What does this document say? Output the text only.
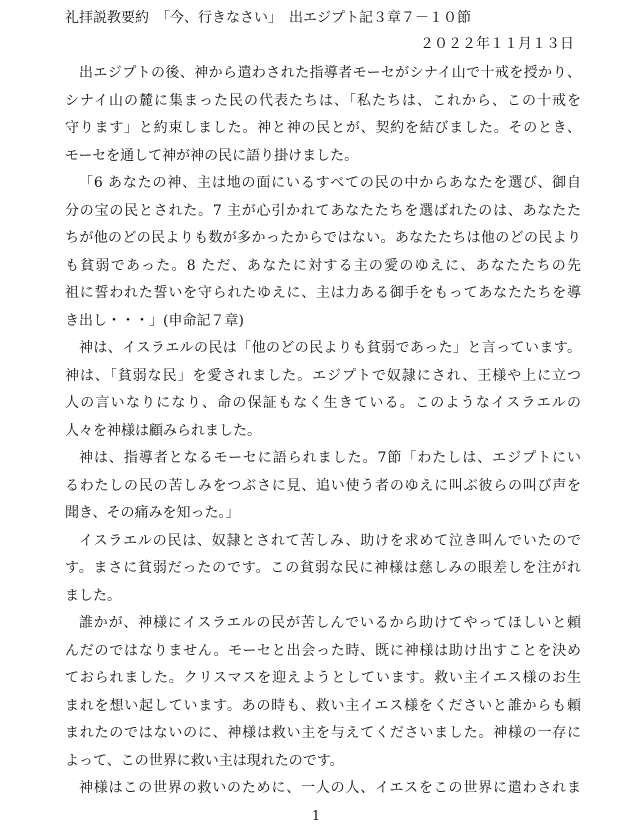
礼拝説教要約　「今、行きなさい」　出エジプト記３章７－１０節
２０２２年１１月１３日
出エジプトの後、神から遣わされた指導者モーセがシナイ山で十戒を授かり、
シナイ山の麓に集まった民の代表たちは、「私たちは、これから、この十戒を
守ります」と約束しました。神と神の民とが、契約を結びました。そのとき、
モーセを通して神が神の民に語り掛けました。
「6 あなたの神、主は地の面にいるすべての民の中からあなたを選び、御自
分の宝の民とされた。7 主が心引かれてあなたたちを選ばれたのは、あなたた
ちが他のどの民よりも数が多かったからではない。あなたたちは他のどの民より
も貧弱であった。8 ただ、あなたに対する主の愛のゆえに、あなたたちの先
祖に誓われた誓いを守られたゆえに、主は力ある御手をもってあなたたちを導
き出し・・・」(申命記７章)
神は、イスラエルの民は「他のどの民よりも貧弱であった」と言っています。
神は、「貧弱な民」を愛されました。エジプトで奴隷にされ、王様や上に立つ
人の言いなりになり、命の保証もなく生きている。このようなイスラエルの
人々を神様は顧みられました。
神は、指導者となるモーセに語られました。7節「わたしは、エジプトにい
るわたしの民の苦しみをつぶさに見、追い使う者のゆえに叫ぶ彼らの叫び声を
聞き、その痛みを知った。」
イスラエルの民は、奴隷とされて苦しみ、助けを求めて泣き叫んでいたので
す。まさに貧弱だったのです。この貧弱な民に神様は慈しみの眼差しを注がれ
ました。
誰かが、神様にイスラエルの民が苦しんでいるから助けてやってほしいと頼
んだのではなりません。モーセと出会った時、既に神様は助け出すことを決め
ておられました。クリスマスを迎えようとしています。救い主イエス様のお生
まれを想い起しています。あの時も、救い主イエス様をくださいと誰からも頼
まれたのではないのに、神様は救い主を与えてくださいました。神様の一存に
よって、この世界に救い主は現れたのです。
神様はこの世界の救いのために、一人の人、イエスをこの世界に遣わされま
1
